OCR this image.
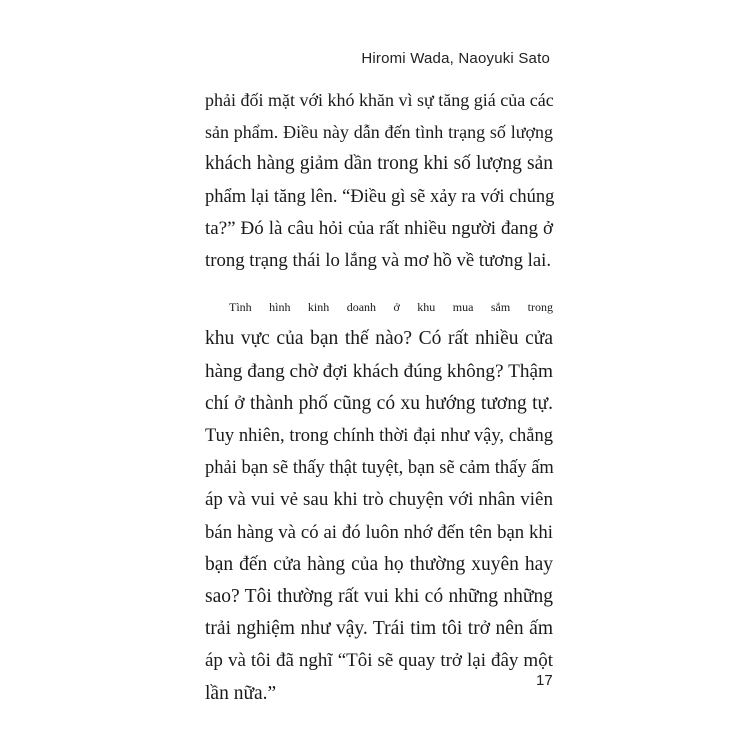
Hiromi Wada, Naoyuki Sato

phải đối mặt với khó khăn vì sự tăng giá của các
sản phẩm. Điều này dẫn đến tình trạng số lượng
khách hàng giảm dần trong khi số lượng sản
phẩm lại tăng lên. “Điều gì sẽ xảy ra với chúng
ta?” Đó là câu hỏi của rất nhiều người đang ở
trong trạng thái lo lắng và mơ hồ về tương lai.

Tình hình kinh doanh ở khu mua sắm trong
khu vực của bạn thế nào? Có rất nhiều cửa
hàng đang chờ đợi khách đúng không? Thậm
chí ở thành phố cũng có xu hướng tương tự.
Tuy nhiên, trong chính thời đại như vậy, chẳng
phải bạn sẽ thấy thật tuyệt, bạn sẽ cảm thấy ấm
áp và vui vẻ sau khi trò chuyện với nhân viên
bán hàng và có ai đó luôn nhớ đến tên bạn khi
bạn đến cửa hàng của họ thường xuyên hay
sao? Tôi thường rất vui khi có những những
trải nghiệm như vậy. Trái tim tôi trở nên ấm
áp và tôi đã nghĩ “Tôi sẽ quay trở lại đây một
lần nữa.”

17
